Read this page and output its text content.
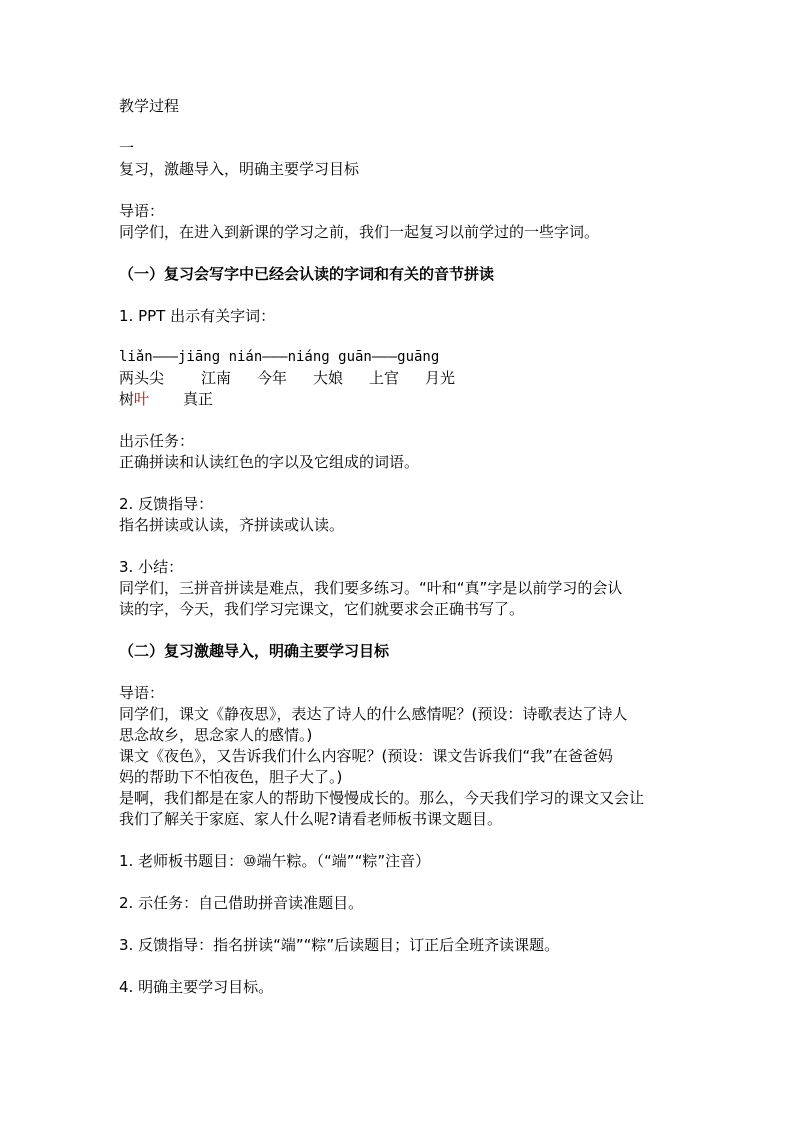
教学过程
一
复习，激趣导入，明确主要学习目标
导语：
同学们，在进入到新课的学习之前，我们一起复习以前学过的一些字词。
（一）复习会写字中已经会认读的字词和有关的音节拼读
1. PPT 出示有关字词：
liǎn———jiāng nián———niáng guān———guāng
两头尖 江南 今年 大娘 上官 月光
树叶 真正
出示任务：
正确拼读和认读红色的字以及它组成的词语。
2. 反馈指导：
指名拼读或认读，齐拼读或认读。
3. 小结：
同学们，三拼音拼读是难点，我们要多练习。“叶和“真”字是以前学习的会认
读的字，今天，我们学习完课文，它们就要求会正确书写了。
（二）复习激趣导入，明确主要学习目标
导语：
同学们，课文《静夜思》，表达了诗人的什么感情呢？(预设：诗歌表达了诗人
思念故乡，思念家人的感情。)
课文《夜色》，又告诉我们什么内容呢？(预设：课文告诉我们“我”在爸爸妈
妈的帮助下不怕夜色，胆子大了。)
是啊，我们都是在家人的帮助下慢慢成长的。那么，今天我们学习的课文又会让
我们了解关于家庭、家人什么呢?请看老师板书课文题目。
1. 老师板书题目：⑩端午粽。（“端”“粽”注音）
2. 示任务：自己借助拼音读准题目。
3. 反馈指导：指名拼读“端”“粽”后读题目；订正后全班齐读课题。
4. 明确主要学习目标。
